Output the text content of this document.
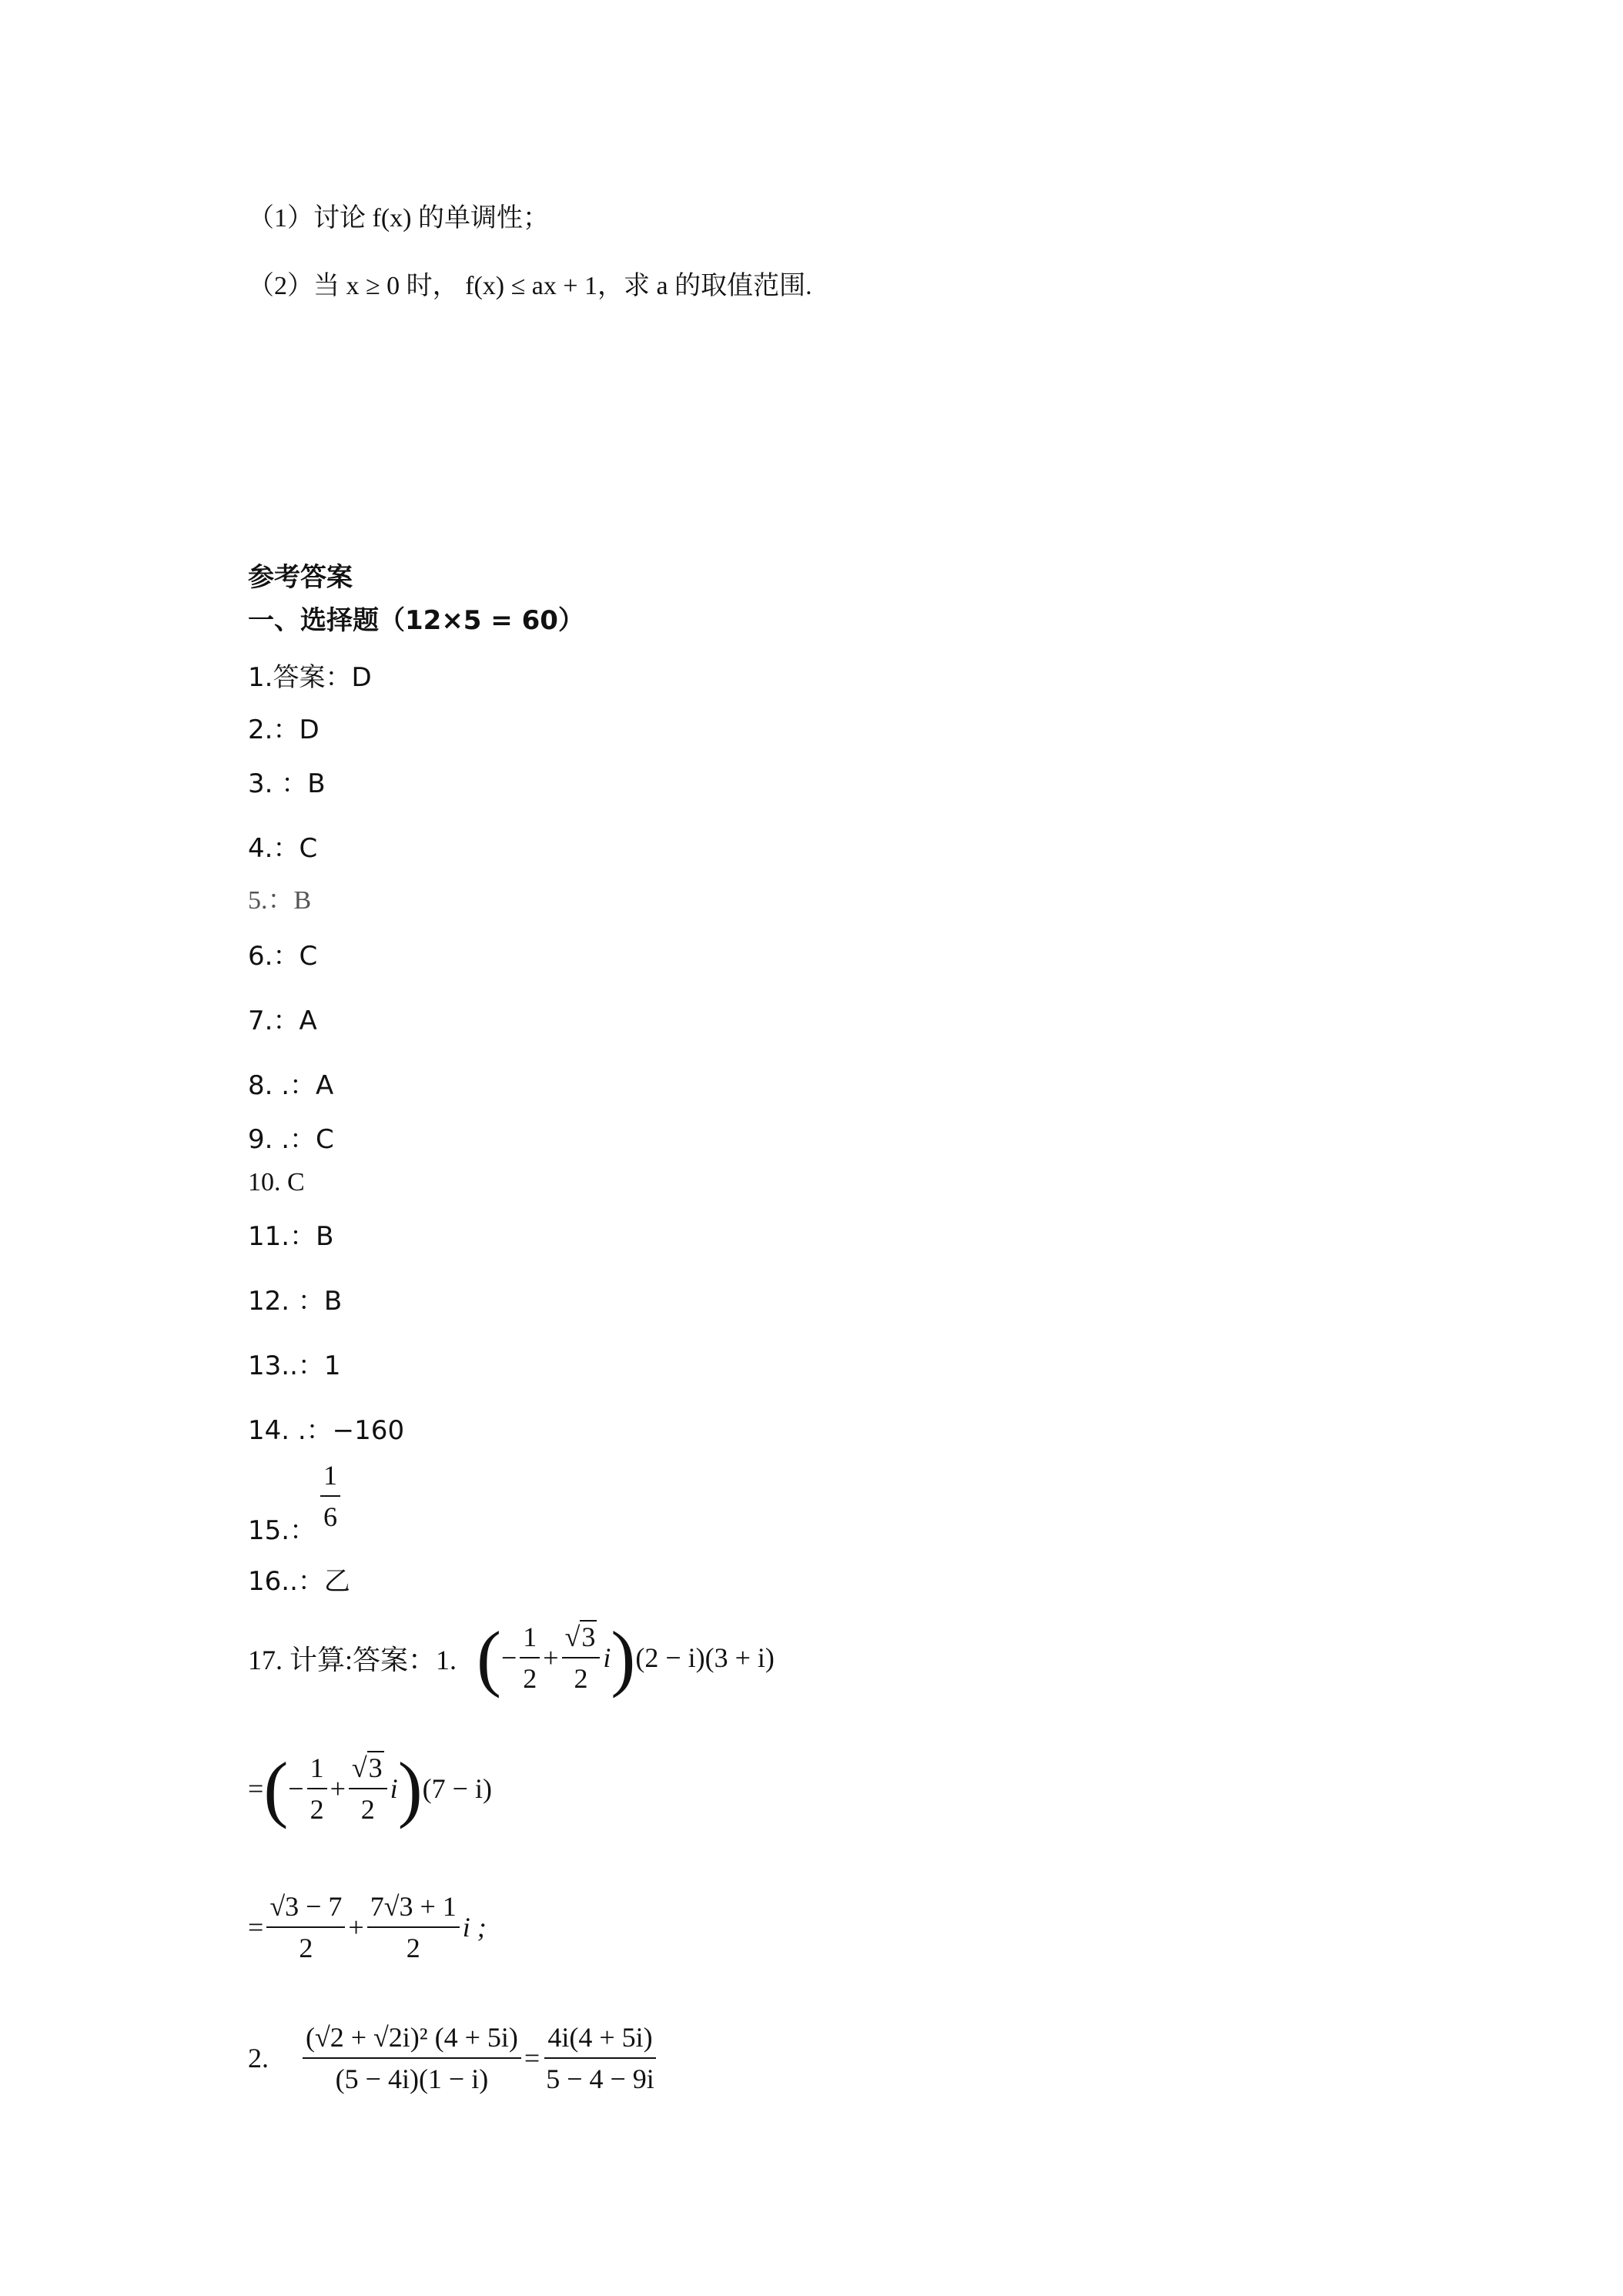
（1）讨论 f(x) 的单调性；
（2）当 x ≥ 0 时， f(x) ≤ ax + 1，求 a 的取值范围.
参考答案
一、选择题（12×5 = 60）
1.答案：D
2.：D
3. ：B
4.：C
5.：B
6.：C
7.：A
8. .：A
9. .：C
10. C
11.：B
12. ：B
13..：1
14. .：−160
15.： $\frac{1}{6}$
16..：乙
17. 计算:答案：1. ( − $\frac{1}{2} + \frac{√3}{2}$ i ) (2 − i)(3 + i)
= ( − $\frac{1}{2} + \frac{√3}{2}$ i ) (7 − i)
= $\frac{√3 - 7}{2} + \frac{7√3 + 1}{2}$ i ;
2. $\frac{\text{(√2 + √2i)² (4 + 5i)}}{(5 - 4i)(1 - i)} = \frac{4i(4 + 5i)}{5 - 4 - 9i}$
